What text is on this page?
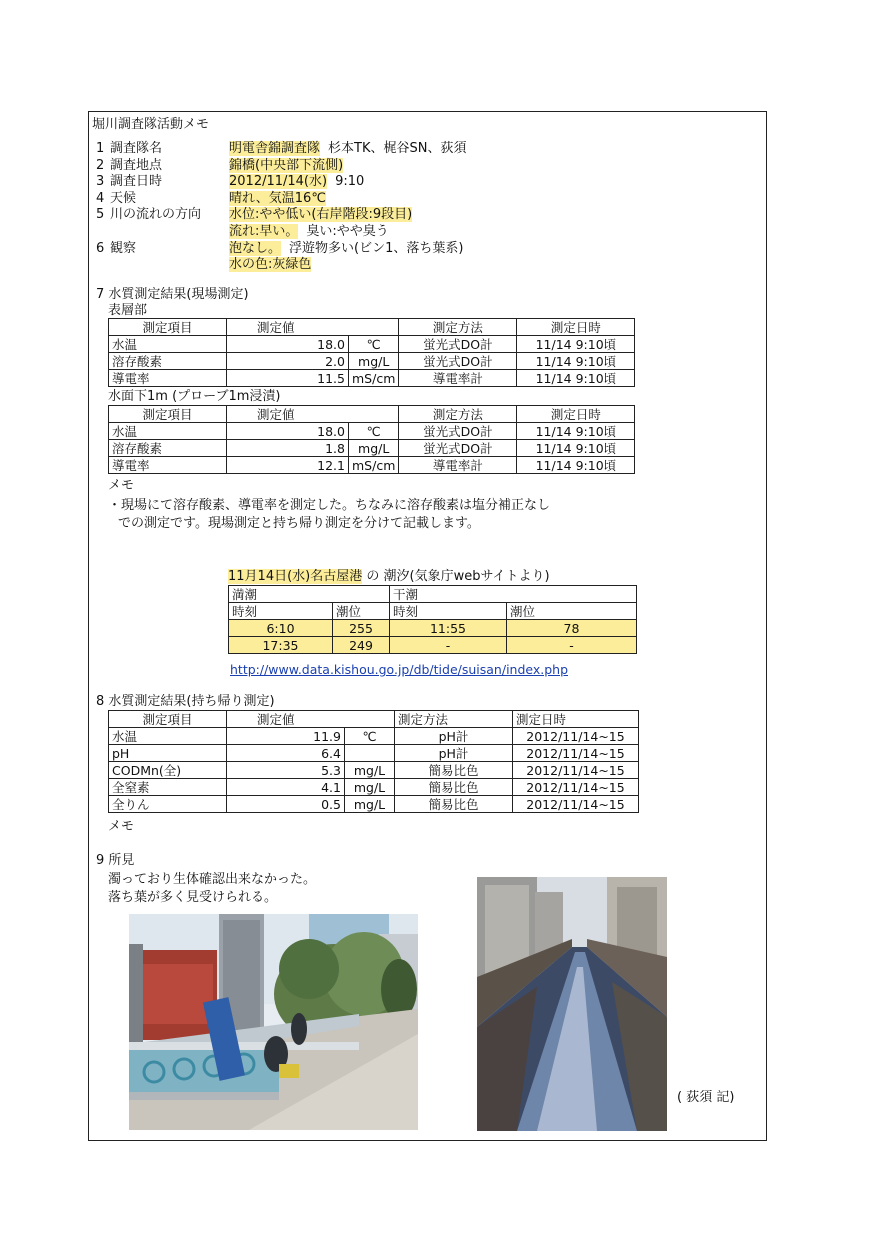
堀川調査隊活動メモ
1 調査隊名	明電舎錦調査隊 杉本TK、梶谷SN、荻須
2 調査地点	錦橋(中央部下流側)
3 調査日時	2012/11/14(水) 9:10
4 天候	晴れ、気温16℃
5 川の流れの方向 水位:やや低い(右岸階段:9段目)
流れ:早い。 臭い:やや臭う
6 観察	泡なし。 浮遊物多い(ビン1、落ち葉系)
水の色:灰緑色
7 水質測定結果(現場測定)
表層部
測定項目	測定値		測定方法	測定日時
水温	18.0	℃	蛍光式DO計	11/14 9:10頃
溶存酸素	2.0	mg/L	蛍光式DO計	11/14 9:10頃
導電率	11.5	mS/cm	導電率計	11/14 9:10頃
水面下1m (プローブ1m浸漬)
測定項目	測定値		測定方法	測定日時
水温	18.0	℃	蛍光式DO計	11/14 9:10頃
溶存酸素	1.8	mg/L	蛍光式DO計	11/14 9:10頃
導電率	12.1	mS/cm	導電率計	11/14 9:10頃
メモ
・現場にて溶存酸素、導電率を測定した。ちなみに溶存酸素は塩分補正なし
での測定です。現場測定と持ち帰り測定を分けて記載します。
11月14日(水)名古屋港 の 潮汐(気象庁webサイトより)
満潮		干潮	
時刻	潮位	時刻	潮位
6:10	255	11:55	78
17:35	249	-	-
http://www.data.kishou.go.jp/db/tide/suisan/index.php
8 水質測定結果(持ち帰り測定)
測定項目	測定値		測定方法	測定日時
水温	11.9	℃	pH計	2012/11/14~15
pH	6.4		pH計	2012/11/14~15
CODMn(全)	5.3	mg/L	簡易比色	2012/11/14~15
全窒素	4.1	mg/L	簡易比色	2012/11/14~15
全りん	0.5	mg/L	簡易比色	2012/11/14~15
メモ
9 所見
濁っており生体確認出来なかった。
落ち葉が多く見受けられる。
( 荻須 記)
